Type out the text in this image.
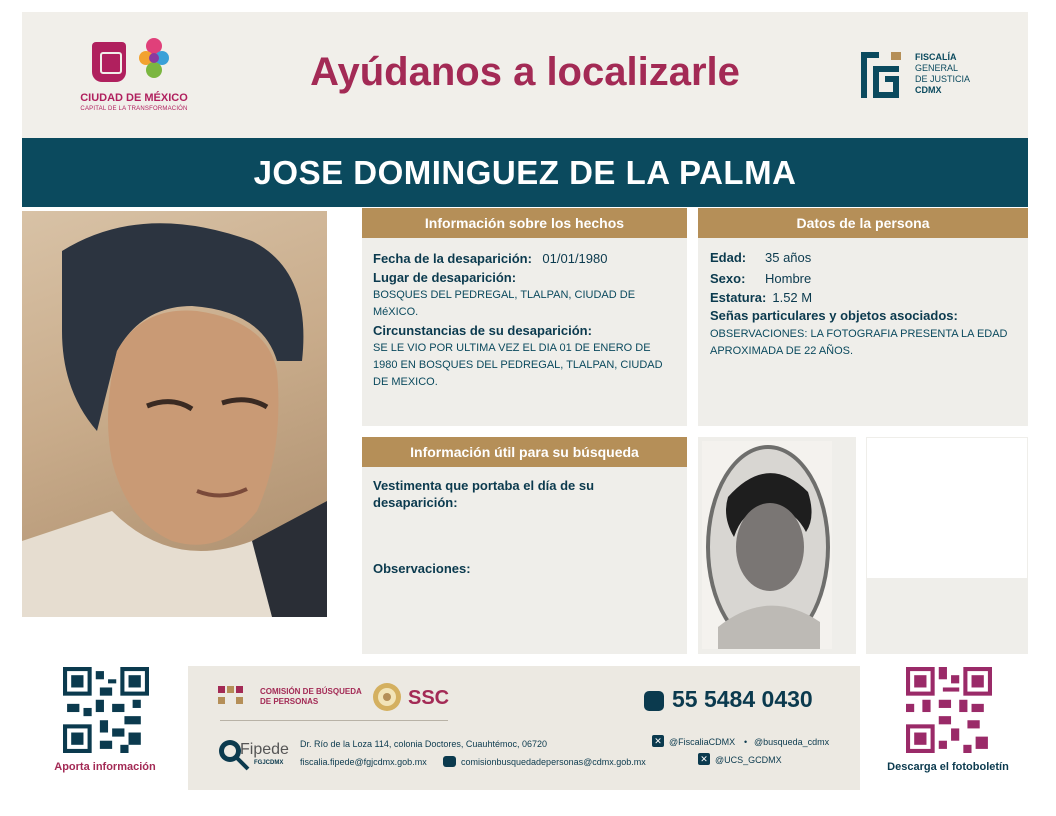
CIUDAD DE MÉXICO
CAPITAL DE LA TRANSFORMACIÓN
Ayúdanos a localizarle	FISCALÍA
GENERAL
DE JUSTICIA
CDMX
JOSE DOMINGUEZ DE LA PALMA
Información sobre los hechos
Fecha de la desaparición: 01/01/1980
Lugar de desaparición:
BOSQUES DEL PEDREGAL, TLALPAN, CIUDAD DE MéXICO.
Circunstancias de su desaparición:
SE LE VIO POR ULTIMA VEZ EL DIA 01 DE ENERO DE 1980 EN BOSQUES DEL PEDREGAL, TLALPAN, CIUDAD DE MEXICO.
Datos de la persona
Edad: 35 años
Sexo: Hombre
Estatura: 1.52 M
Señas particulares y objetos asociados:
OBSERVACIONES: LA FOTOGRAFIA PRESENTA LA EDAD APROXIMADA DE 22 AÑOS.
Información útil para su búsqueda
Vestimenta que portaba el día de su desaparición:
Observaciones:
Aporta información	Descarga el fotoboletín
COMISIÓN DE BÚSQUEDA
DE PERSONAS	SSC	55 5484 0430
Fipede
FGJCDMX
Dr. Río de la Loza 114, colonia Doctores, Cuauhtémoc, 06720
fiscalia.fipede@fgjcdmx.gob.mx	comisionbusquedadepersonas@cdmx.gob.mx
✕ @FiscaliaCDMX • @busqueda_cdmx
✕ @UCS_GCDMX
